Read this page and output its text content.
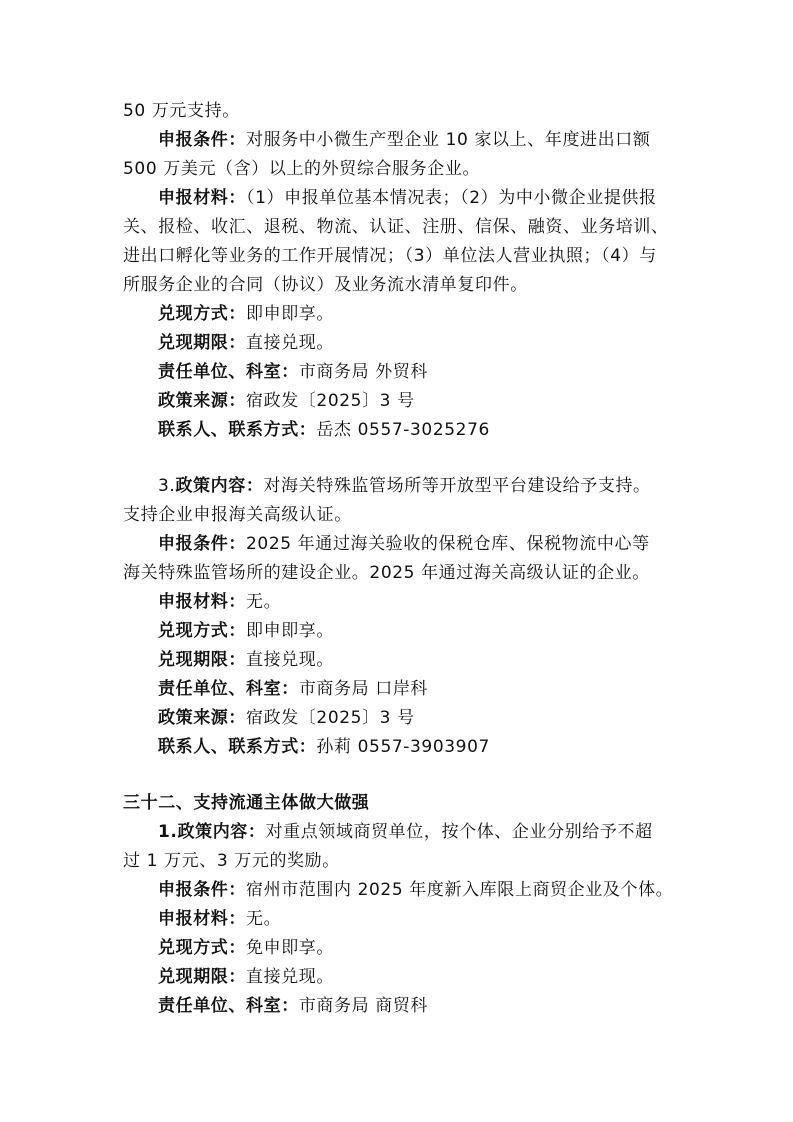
50 万元支持。
申报条件：对服务中小微生产型企业 10 家以上、年度进出口额
500 万美元（含）以上的外贸综合服务企业。
申报材料：（1）申报单位基本情况表；（2）为中小微企业提供报
关、报检、收汇、退税、物流、认证、注册、信保、融资、业务培训、
进出口孵化等业务的工作开展情况；（3）单位法人营业执照；（4）与
所服务企业的合同（协议）及业务流水清单复印件。
兑现方式：即申即享。
兑现期限：直接兑现。
责任单位、科室：市商务局 外贸科
政策来源：宿政发〔2025〕3 号
联系人、联系方式：岳杰 0557-3025276
3.政策内容：对海关特殊监管场所等开放型平台建设给予支持。
支持企业申报海关高级认证。
申报条件：2025 年通过海关验收的保税仓库、保税物流中心等
海关特殊监管场所的建设企业。2025 年通过海关高级认证的企业。
申报材料：无。
兑现方式：即申即享。
兑现期限：直接兑现。
责任单位、科室：市商务局 口岸科
政策来源：宿政发〔2025〕3 号
联系人、联系方式：孙莉 0557-3903907
三十二、支持流通主体做大做强
1.政策内容：对重点领域商贸单位，按个体、企业分别给予不超
过 1 万元、3 万元的奖励。
申报条件：宿州市范围内 2025 年度新入库限上商贸企业及个体。
申报材料：无。
兑现方式：免申即享。
兑现期限：直接兑现。
责任单位、科室：市商务局 商贸科
